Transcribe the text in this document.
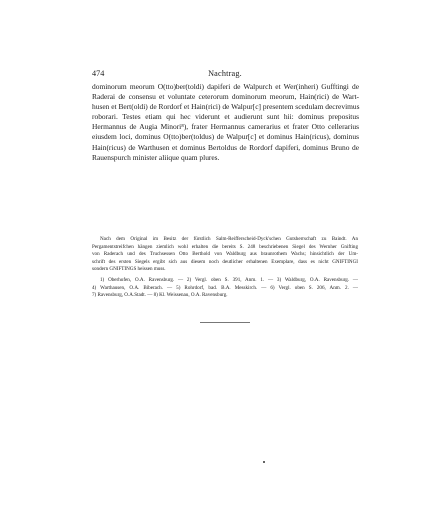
474	Nachtrag.
dominorum meorum O(tto)ber(toldi) dapiferi de Walpurch et Wer(inheri) Gufftingi de
Raderai de consensu et voluntate ceterorum dominorum meorum, Hain(rici) de Wart-
husen et Bert(oldi) de Rordorf et Hain(rici) de Walpur[c] presentem scedulam decrevimus
roborari. Testes etiam qui hec viderunt et audierunt sunt hii: dominus prepositus
Hermannus de Augia Minori⁸), frater Hermannus camerarius et frater Otto cellerarius
eiusdem loci, dominus O(tto)ber(toldus) de Walpur[c] et dominus Hain(ricus), dominus
Hain(ricus) de Warthusen et dominus Bertoldus de Rordorf dapiferi, dominus Bruno de
Rauenspurch minister aliique quam plures.
Nach dem Original im Besitz der fürstlich Salm-Reifferscheid-Dyck'schen Gutsherrschaft zu Baindt. An
Pergamentstreifchen hängen ziemlich wohl erhalten die bereits S. 248 beschriebenen Siegel des Wernher Gnifting
von Raderach und des Truchsessen Otto Berthold von Waldburg aus braunrothem Wachs; hinsichtlich der Um-
schrift des ersten Siegels ergibt sich aus diesem noch deutlicher erhaltenen Exemplare, dass es nicht GNIFTINGI
sondern GNIFTINGS heissen muss.
1) Oberhofen, O.A. Ravensburg. — 2) Vergl. oben S. 391, Anm. 1. — 3) Waldburg, O.A. Ravensburg. —
4) Warthausen, O.A. Biberach. — 5) Rohrdorf, bad. B.A. Messkirch. — 6) Vergl. oben S. 206, Anm. 2. —
7) Ravensburg, O.A.Stadt. — 8) Kl. Weissenau, O.A. Ravensburg.
